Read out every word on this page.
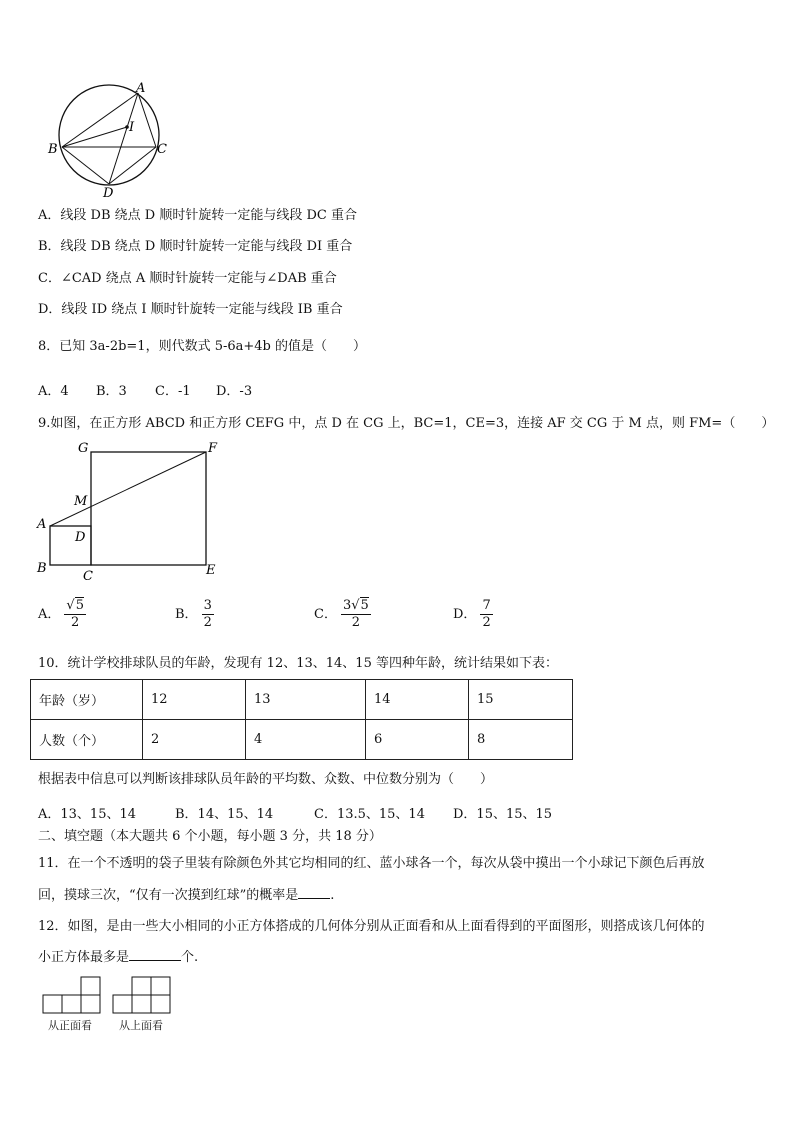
A
I
B	C
D
A．线段 DB 绕点 D 顺时针旋转一定能与线段 DC 重合
B．线段 DB 绕点 D 顺时针旋转一定能与线段 DI 重合
C．∠CAD 绕点 A 顺时针旋转一定能与∠DAB 重合
D．线段 ID 绕点 I 顺时针旋转一定能与线段 IB 重合
8．已知 3a-2b=1，则代数式 5-6a+4b 的值是（　　）
A．4 B．3 C．-1 D．-3
9.如图，在正方形 ABCD 和正方形 CEFG 中，点 D 在 CG 上，BC=1，CE=3，连接 AF 交 CG 于 M 点，则 FM=（　　）
G	F
M
A
D
B
C	E
A． $\frac{√5}{2}$	B． $\frac{3}{2}$	C． $\frac{3√5}{2}$	D． $\frac{7}{2}$
10．统计学校排球队员的年龄，发现有 12、13、14、15 等四种年龄，统计结果如下表：
年龄（岁）	12	13	14	15
人数（个）	2	4	6	8
根据表中信息可以判断该排球队员年龄的平均数、众数、中位数分别为（　　）
A．13、15、14	B．14、15、14	C．13.5、15、14 D．15、15、15
二、填空题（本大题共 6 个小题，每小题 3 分，共 18 分）
11．在一个不透明的袋子里装有除颜色外其它均相同的红、蓝小球各一个，每次从袋中摸出一个小球记下颜色后再放
回，摸球三次，“仅有一次摸到红球”的概率是 .
12．如图，是由一些大小相同的小正方体搭成的几何体分别从正面看和从上面看得到的平面图形，则搭成该几何体的
小正方体最多是	个.
从正面看 从上面看
